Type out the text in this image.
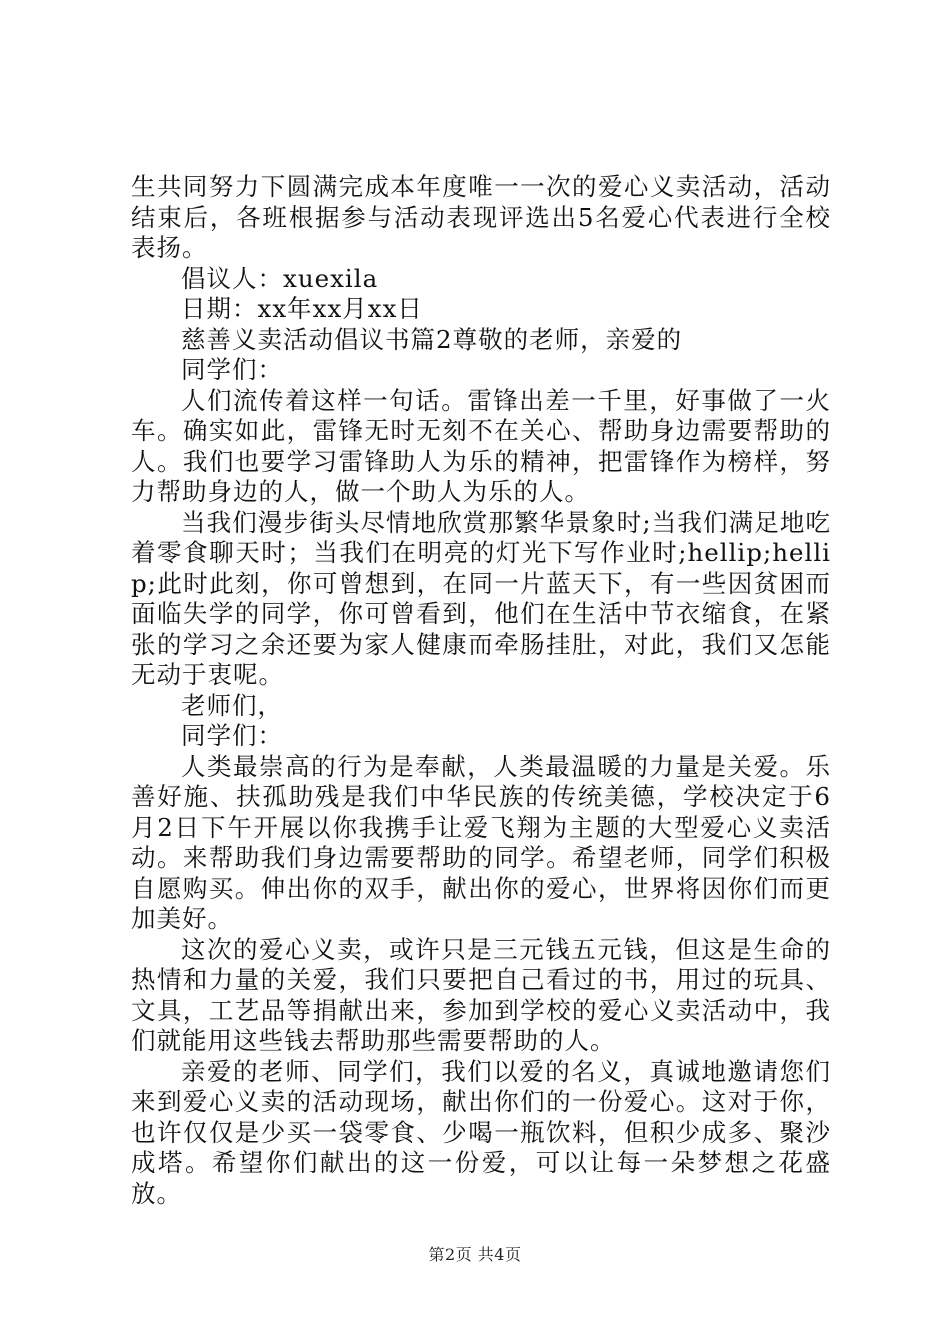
生共同努力下圆满完成本年度唯一一次的爱心义卖活动，活动结束后，各班根据参与活动表现评选出5名爱心代表进行全校表扬。

倡议人：xuexila

日期：xx年xx月xx日

慈善义卖活动倡议书篇2尊敬的老师，亲爱的

同学们：

人们流传着这样一句话。雷锋出差一千里，好事做了一火车。确实如此，雷锋无时无刻不在关心、帮助身边需要帮助的人。我们也要学习雷锋助人为乐的精神，把雷锋作为榜样，努力帮助身边的人，做一个助人为乐的人。

当我们漫步街头尽情地欣赏那繁华景象时;当我们满足地吃着零食聊天时；当我们在明亮的灯光下写作业时;hellip;hellip;此时此刻，你可曾想到，在同一片蓝天下，有一些因贫困而面临失学的同学，你可曾看到，他们在生活中节衣缩食，在紧张的学习之余还要为家人健康而牵肠挂肚，对此，我们又怎能无动于衷呢。

老师们，

同学们：

人类最崇高的行为是奉献，人类最温暖的力量是关爱。乐善好施、扶孤助残是我们中华民族的传统美德，学校决定于6月2日下午开展以你我携手让爱飞翔为主题的大型爱心义卖活动。来帮助我们身边需要帮助的同学。希望老师，同学们积极自愿购买。伸出你的双手，献出你的爱心，世界将因你们而更加美好。

这次的爱心义卖，或许只是三元钱五元钱，但这是生命的热情和力量的关爱，我们只要把自己看过的书，用过的玩具、文具，工艺品等捐献出来，参加到学校的爱心义卖活动中，我们就能用这些钱去帮助那些需要帮助的人。

亲爱的老师、同学们，我们以爱的名义，真诚地邀请您们来到爱心义卖的活动现场，献出你们的一份爱心。这对于你，也许仅仅是少买一袋零食、少喝一瓶饮料，但积少成多、聚沙成塔。希望你们献出的这一份爱，可以让每一朵梦想之花盛放。

第2页 共4页
